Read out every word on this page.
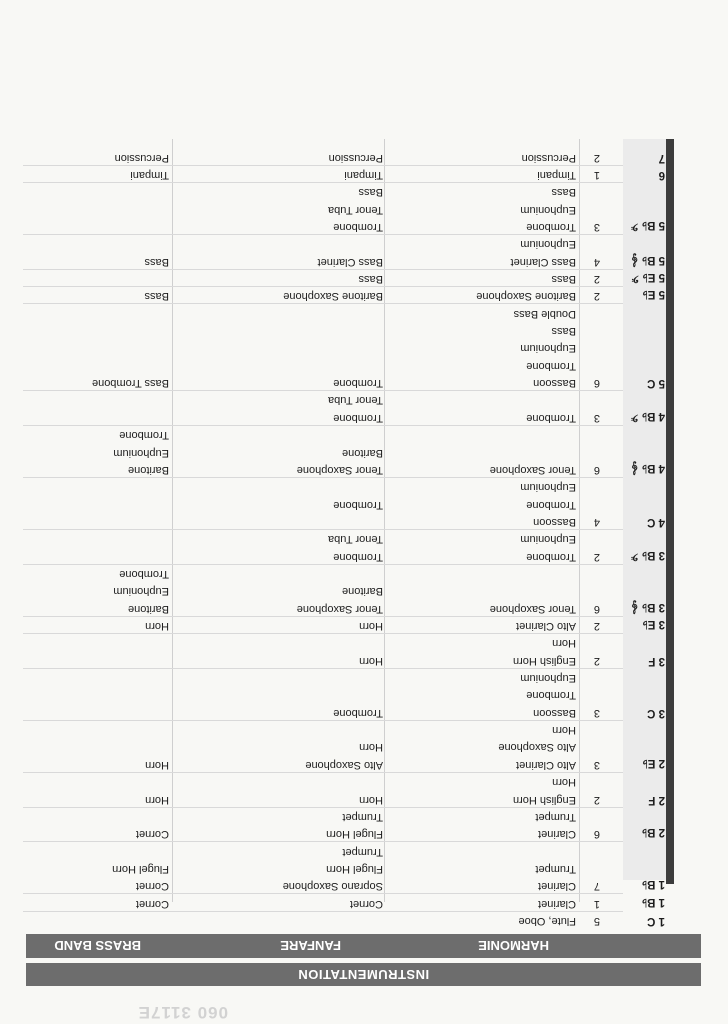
060 3117E
INSTRUMENTATION
HARMONIE
FANFARE
BRASS BAND
1 C
5
Flute, Oboe
1 B♭
1
Clarinet
Cornet
Cornet
1 B♭
7
Clarinet
Soprano Saxophone
Cornet
Trumpet
Flugel Horn
Flugel Horn
Trumpet
2 B♭
6
Clarinet
Flugel Horn
Cornet
Trumpet
Trumpet
2 F
2
English Horn
Horn
Horn
Horn
2 E♭
3
Alto Clarinet
Alto Saxophone
Horn
Alto Saxophone
Horn
Horn
3 C
3
Bassoon
Trombone
Trombone
Euphonium
3 F
2
English Horn
Horn
Horn
3 E♭
2
Alto Clarinet
Horn
Horn
3 B♭ 𝄞
6
Tenor Saxophone
Tenor Saxophone
Baritone
Baritone
Euphonium
Trombone
3 B♭ 𝄢
2
Trombone
Trombone
Euphonium
Tenor Tuba
4 C
4
Bassoon
Trombone
Trombone
Euphonium
4 B♭ 𝄞
6
Tenor Saxophone
Tenor Saxophone
Baritone
Baritone
Euphonium
Trombone
4 B♭ 𝄢
3
Trombone
Trombone
Tenor Tuba
5 C
6
Bassoon
Trombone
Bass Trombone
Trombone
Euphonium
Bass
Double Bass
5 E♭
2
Baritone Saxophone
Baritone Saxophone
Bass
5 E♭ 𝄢
2
Bass
Bass
5 B♭ 𝄞
4
Bass Clarinet
Bass Clarinet
Bass
Euphonium
5 B♭ 𝄢
3
Trombone
Trombone
Euphonium
Tenor Tuba
Bass
Bass
6
1
Timpani
Timpani
Timpani
7
2
Percussion
Percussion
Percussion
